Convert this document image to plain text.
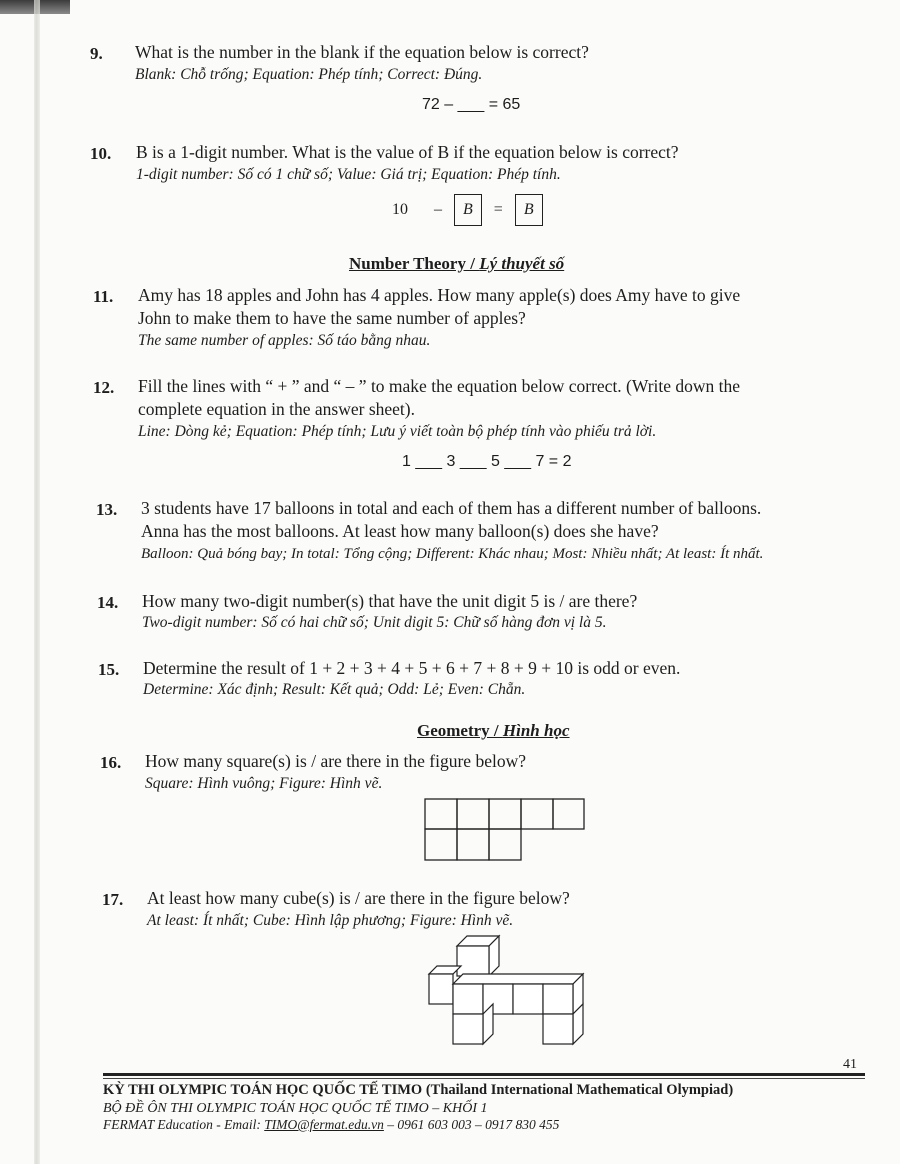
9. What is the number in the blank if the equation below is correct?
Blank: Chỗ trống; Equation: Phép tính; Correct: Đúng.
72 – ___ = 65
10. B is a 1-digit number. What is the value of B if the equation below is correct?
1-digit number: Số có 1 chữ số; Value: Giá trị; Equation: Phép tính.
10 –	B	=	B
Number Theory / Lý thuyết số
11. Amy has 18 apples and John has 4 apples. How many apple(s) does Amy have to give
John to make them to have the same number of apples?
The same number of apples: Số táo bằng nhau.
12. Fill the lines with “ + ” and “ – ” to make the equation below correct. (Write down the
complete equation in the answer sheet).
Line: Dòng kẻ; Equation: Phép tính; Lưu ý viết toàn bộ phép tính vào phiếu trả lời.
1 ___ 3 ___ 5 ___ 7 = 2
13. 3 students have 17 balloons in total and each of them has a different number of balloons.
Anna has the most balloons. At least how many balloon(s) does she have?
Balloon: Quả bóng bay; In total: Tổng cộng; Different: Khác nhau; Most: Nhiều nhất; At least: Ít nhất.
14. How many two-digit number(s) that have the unit digit 5 is / are there?
Two-digit number: Số có hai chữ số; Unit digit 5: Chữ số hàng đơn vị là 5.
15. Determine the result of 1 + 2 + 3 + 4 + 5 + 6 + 7 + 8 + 9 + 10 is odd or even.
Determine: Xác định; Result: Kết quả; Odd: Lẻ; Even: Chẵn.
Geometry / Hình học
16. How many square(s) is / are there in the figure below?
Square: Hình vuông; Figure: Hình vẽ.
17. At least how many cube(s) is / are there in the figure below?
At least: Ít nhất; Cube: Hình lập phương; Figure: Hình vẽ.
41
KỲ THI OLYMPIC TOÁN HỌC QUỐC TẾ TIMO (Thailand International Mathematical Olympiad)
BỘ ĐỀ ÔN THI OLYMPIC TOÁN HỌC QUỐC TẾ TIMO – KHỐI 1
FERMAT Education - Email: TIMO@fermat.edu.vn – 0961 603 003 – 0917 830 455
